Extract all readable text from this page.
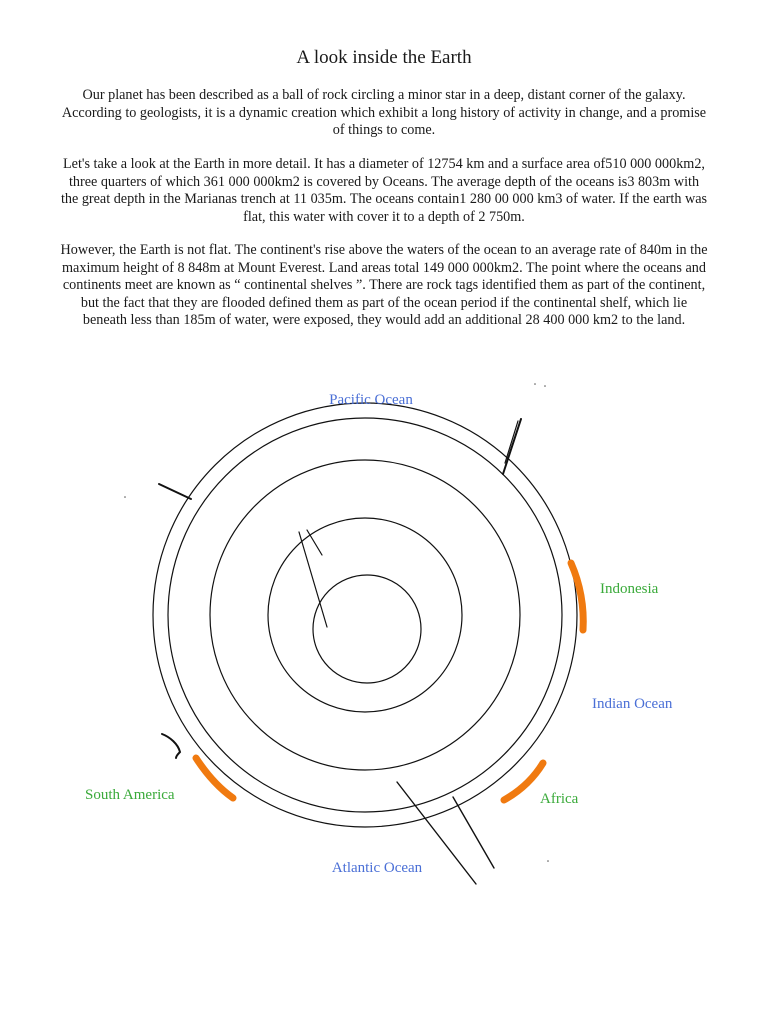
A look inside the Earth

Our planet has been described as a ball of rock circling a minor star in a deep, distant corner of the galaxy. According to geologists, it is a dynamic creation which exhibit a long history of activity in change, and a promise of things to come.

Let's take a look at the Earth in more detail. It has a diameter of 12754 km and a surface area of510 000 000km2, three quarters of which 361 000 000km2 is covered by Oceans. The average depth of the oceans is3 803m with the great depth in the Marianas trench at 11 035m. The oceans contain1 280 00 000 km3 of water. If the earth was flat, this water with cover it to a depth of 2 750m.

However, the Earth is not flat. The continent's rise above the waters of the ocean to an average rate of 840m in the maximum height of 8 848m at Mount Everest. Land areas total 149 000 000km2. The point where the oceans and continents meet are known as “ continental shelves ”. There are rock tags identified them as part of the continent, but the fact that they are flooded defined them as part of the ocean period if the continental shelf, which lie beneath less than 185m of water, were exposed, they would add an additional 28 400 000 km2 to the land.

Pacific Ocean
Indonesia
Indian Ocean
South America	Africa
Atlantic Ocean
